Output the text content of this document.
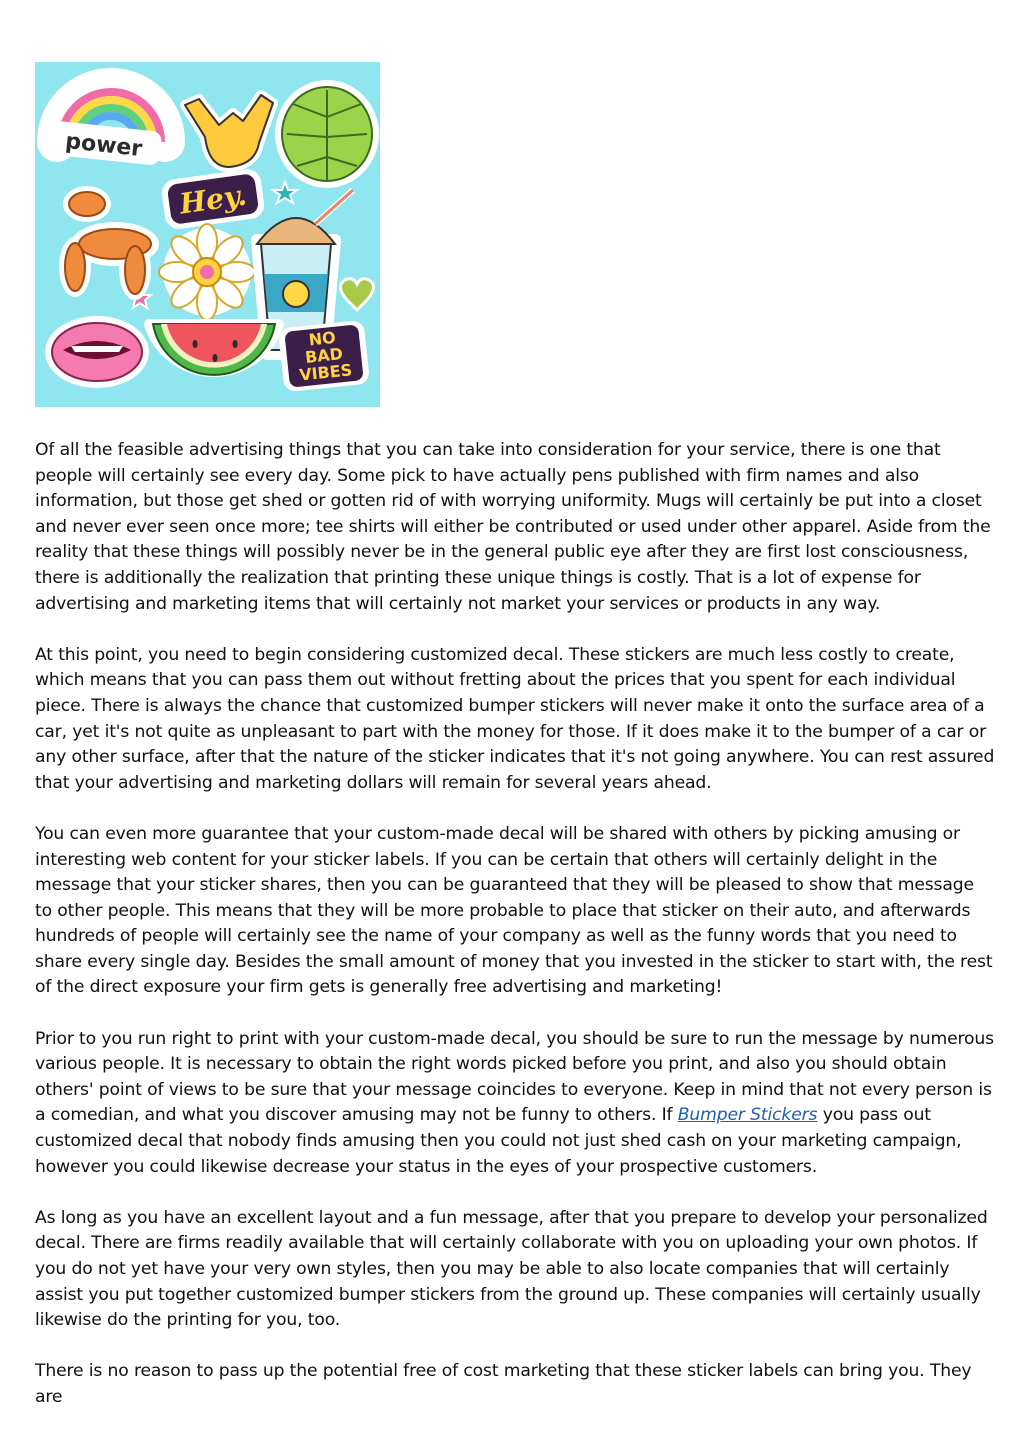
power
Hey.
NO
BAD
VIBES

Of all the feasible advertising things that you can take into consideration for your service, there is one that people will certainly see every day. Some pick to have actually pens published with firm names and also information, but those get shed or gotten rid of with worrying uniformity. Mugs will certainly be put into a closet and never ever seen once more; tee shirts will either be contributed or used under other apparel. Aside from the reality that these things will possibly never be in the general public eye after they are first lost consciousness, there is additionally the realization that printing these unique things is costly. That is a lot of expense for advertising and marketing items that will certainly not market your services or products in any way.

At this point, you need to begin considering customized decal. These stickers are much less costly to create, which means that you can pass them out without fretting about the prices that you spent for each individual piece. There is always the chance that customized bumper stickers will never make it onto the surface area of a car, yet it's not quite as unpleasant to part with the money for those. If it does make it to the bumper of a car or any other surface, after that the nature of the sticker indicates that it's not going anywhere. You can rest assured that your advertising and marketing dollars will remain for several years ahead.

You can even more guarantee that your custom-made decal will be shared with others by picking amusing or interesting web content for your sticker labels. If you can be certain that others will certainly delight in the message that your sticker shares, then you can be guaranteed that they will be pleased to show that message to other people. This means that they will be more probable to place that sticker on their auto, and afterwards hundreds of people will certainly see the name of your company as well as the funny words that you need to share every single day. Besides the small amount of money that you invested in the sticker to start with, the rest of the direct exposure your firm gets is generally free advertising and marketing!

Prior to you run right to print with your custom-made decal, you should be sure to run the message by numerous various people. It is necessary to obtain the right words picked before you print, and also you should obtain others' point of views to be sure that your message coincides to everyone. Keep in mind that not every person is a comedian, and what you discover amusing may not be funny to others. If Bumper Stickers you pass out customized decal that nobody finds amusing then you could not just shed cash on your marketing campaign, however you could likewise decrease your status in the eyes of your prospective customers.

As long as you have an excellent layout and a fun message, after that you prepare to develop your personalized decal. There are firms readily available that will certainly collaborate with you on uploading your own photos. If you do not yet have your very own styles, then you may be able to also locate companies that will certainly assist you put together customized bumper stickers from the ground up. These companies will certainly usually likewise do the printing for you, too.

There is no reason to pass up the potential free of cost marketing that these sticker labels can bring you. They are
